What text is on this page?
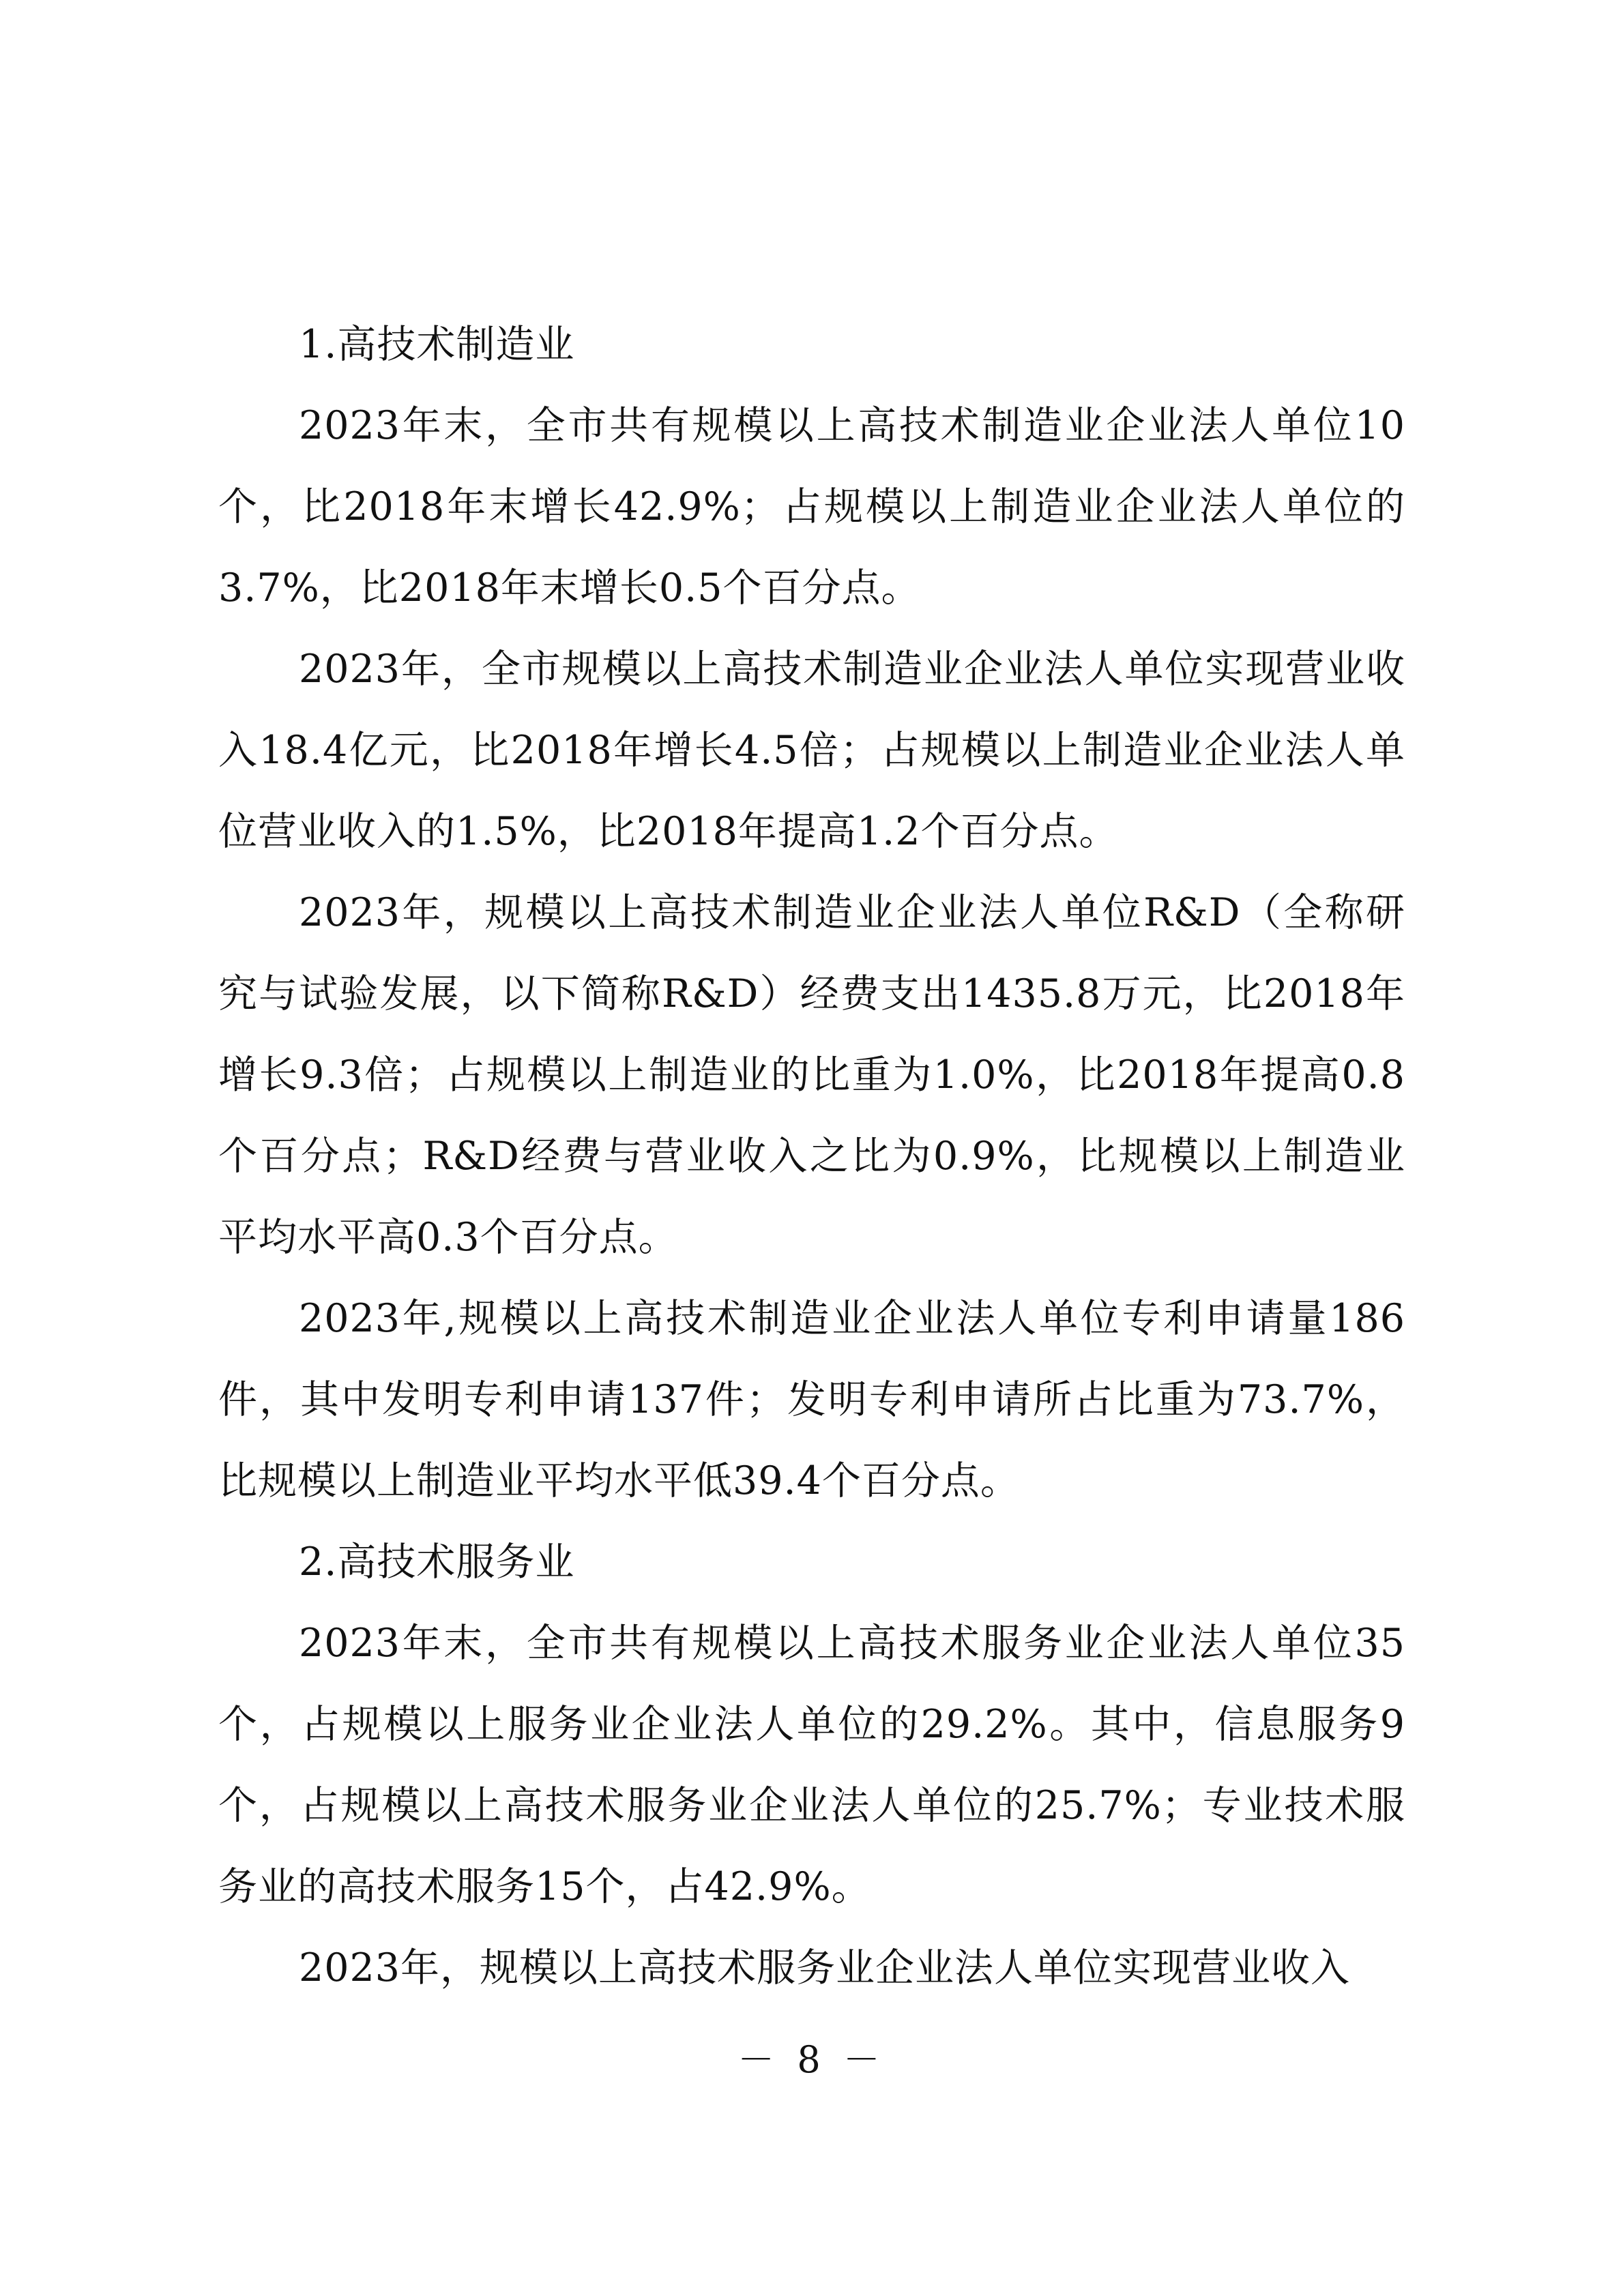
1.高技术制造业

2023年末，全市共有规模以上高技术制造业企业法人单位10个，比2018年末增长42.9%；占规模以上制造业企业法人单位的3.7%，比2018年末增长0.5个百分点。

2023年，全市规模以上高技术制造业企业法人单位实现营业收入18.4亿元，比2018年增长4.5倍；占规模以上制造业企业法人单位营业收入的1.5%，比2018年提高1.2个百分点。

2023年，规模以上高技术制造业企业法人单位R&D（全称研究与试验发展，以下简称R&D）经费支出1435.8万元，比2018年增长9.3倍；占规模以上制造业的比重为1.0%，比2018年提高0.8个百分点；R&D经费与营业收入之比为0.9%，比规模以上制造业平均水平高0.3个百分点。

2023年,规模以上高技术制造业企业法人单位专利申请量186件，其中发明专利申请137件；发明专利申请所占比重为73.7%，比规模以上制造业平均水平低39.4个百分点。

2.高技术服务业

2023年末，全市共有规模以上高技术服务业企业法人单位35个，占规模以上服务业企业法人单位的29.2%。其中，信息服务9个，占规模以上高技术服务业企业法人单位的25.7%；专业技术服务业的高技术服务15个，占42.9%。

2023年，规模以上高技术服务业企业法人单位实现营业收入

－ 8 －
